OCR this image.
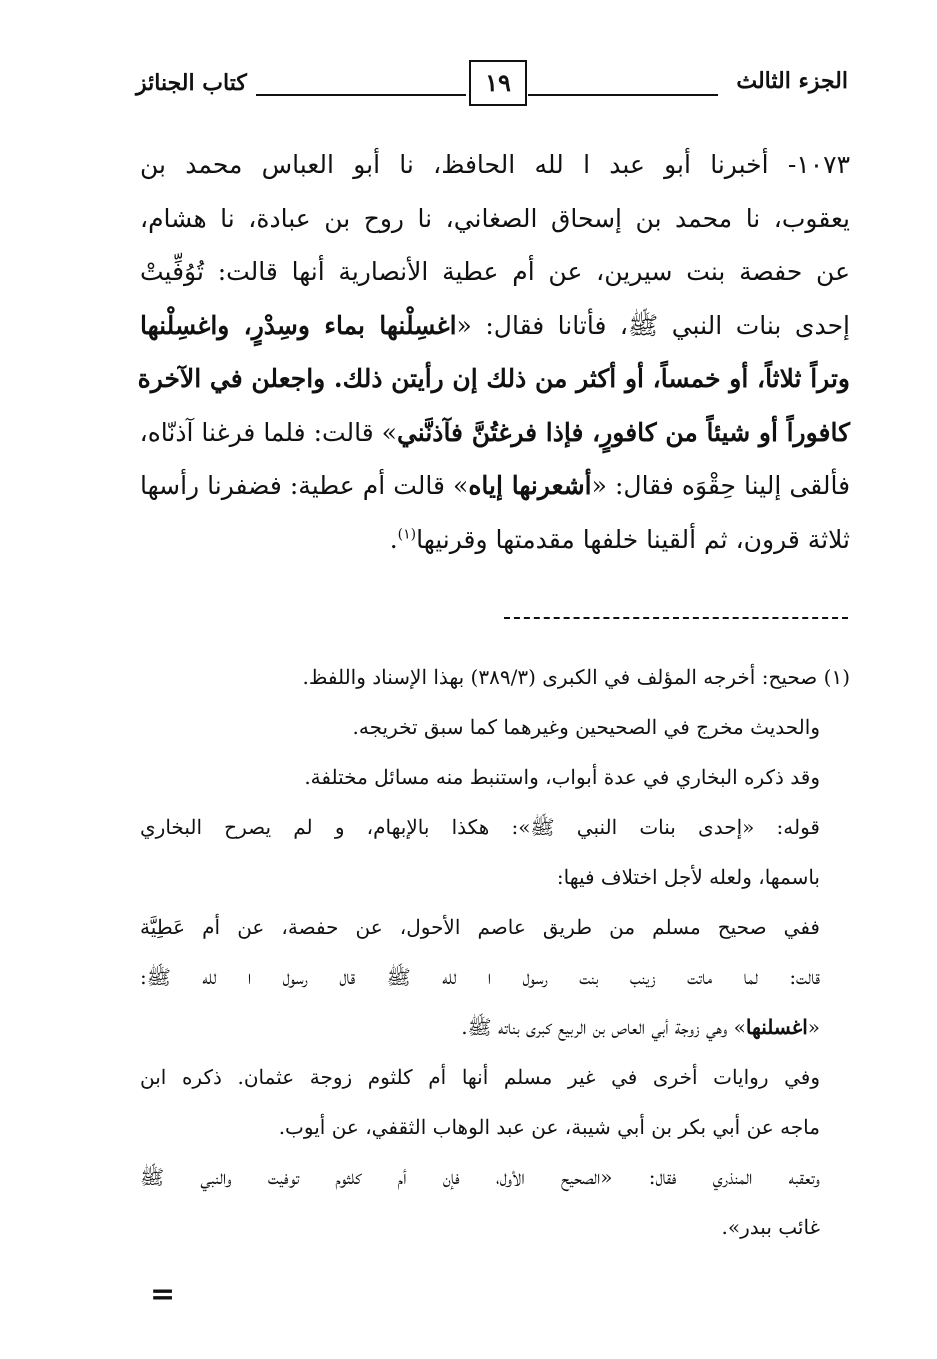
الجزء الثالث
١٩
كتاب الجنائز
١٠٧٣- أخبرنا أبو عبد ا لله الحافظ، نا أبو العباس محمد بن
يعقوب، نا محمد بن إسحاق الصغاني، نا روح بن عبادة، نا هشام،
عن حفصة بنت سيرين، عن أم عطية الأنصارية أنها قالت: تُوُفِّيتْ
إحدى بنات النبي ﷺ، فأتانا فقال: «اغسِلْنها بماء وسِدْرٍ، واغسِلْنها
وتراً ثلاثاً، أو خمساً، أو أكثر من ذلك إن رأيتن ذلك. واجعلن في الآخرة
كافوراً أو شيئاً من كافورٍ، فإذا فرغتُنَّ فآذنَّني» قالت: فلما فرغنا آذنّاه،
فألقى إلينا حِقْوَه فقال: «أشعرنها إياه» قالت أم عطية: فضفرنا رأسها
ثلاثة قرون، ثم ألقينا خلفها مقدمتها وقرنيها$^{(١)}$.
(١) صحيح: أخرجه المؤلف في الكبرى (٣٨٩/٣) بهذا الإسناد واللفظ.
والحديث مخرج في الصحيحين وغيرهما كما سبق تخريجه.
وقد ذكره البخاري في عدة أبواب، واستنبط منه مسائل مختلفة.
قوله: «إحدى بنات النبي ﷺ»: هكذا بالإبهام، و لم يصرح البخاري
باسمها، ولعله لأجل اختلاف فيها:
ففي صحيح مسلم من طريق عاصم الأحول، عن حفصة، عن أم عَطِيَّة
قالت: لما ماتت زينب بنت رسول ا لله ﷺ قال رسول ا لله ﷺ:
«اغسلنها» وهي زوجة أبي العاص بن الربيع كبرى بناته ﷺ.
وفي روايات أخرى في غير مسلم أنها أم كلثوم زوجة عثمان. ذكره ابن
ماجه عن أبي بكر بن أبي شيبة، عن عبد الوهاب الثقفي، عن أيوب.
وتعقبه المنذري فقال: «الصحيح الأول، فإن أم كلثوم توفيت والنبي ﷺ
غائب ببدر».
=
